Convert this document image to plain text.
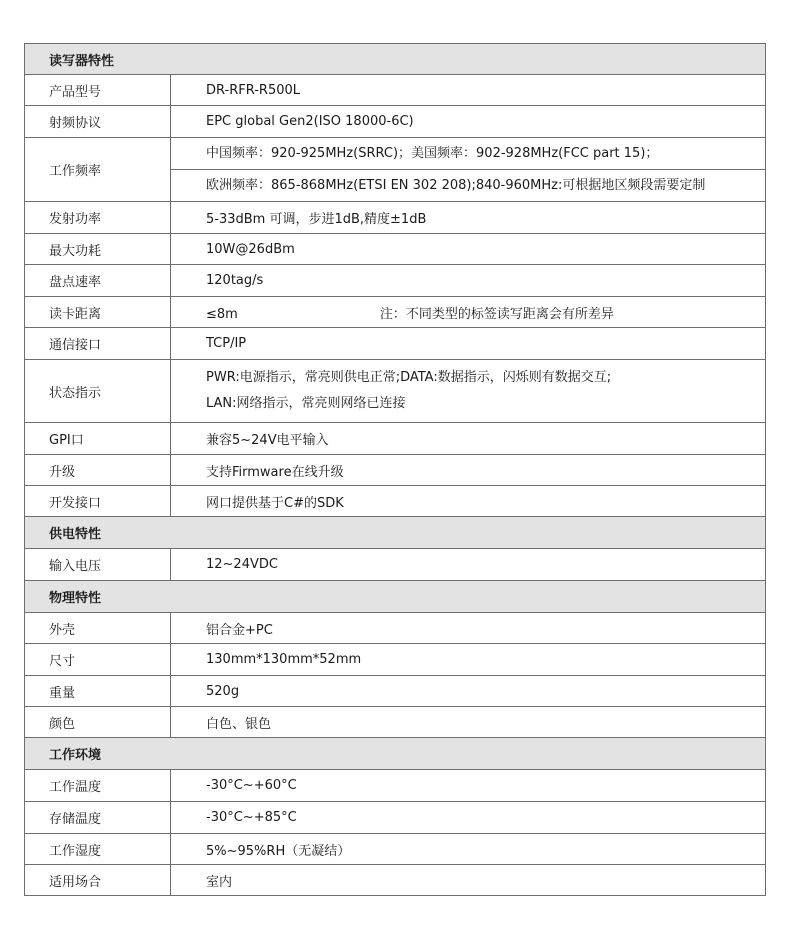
读写器特性	
产品型号	DR-RFR-R500L
射频协议	EPC global Gen2(ISO 18000-6C)
工作频率	中国频率：920-925MHz(SRRC)；美国频率：902-928MHz(FCC part 15)；
欧洲频率：865-868MHz(ETSI EN 302 208);840-960MHz:可根据地区频段需要定制

发射功率	5-33dBm 可调，步进1dB,精度±1dB
最大功耗	10W@26dBm
盘点速率	120tag/s
读卡距离	≤8m 注：不同类型的标签读写距离会有所差异
通信接口	TCP/IP
状态指示	PWR:电源指示，常亮则供电正常;DATA:数据指示，闪烁则有数据交互;
LAN:网络指示，常亮则网络已连接

GPI口	兼容5~24V电平输入
升级	支持Firmware在线升级
开发接口	网口提供基于C#的SDK
供电特性	
输入电压	12~24VDC
物理特性	
外壳	铝合金+PC
尺寸	130mm*130mm*52mm
重量	520g
颜色	白色、银色
工作环境	
工作温度	-30°C~+60°C
存储温度	-30°C~+85°C
工作湿度	5%~95%RH（无凝结）
适用场合	室内
